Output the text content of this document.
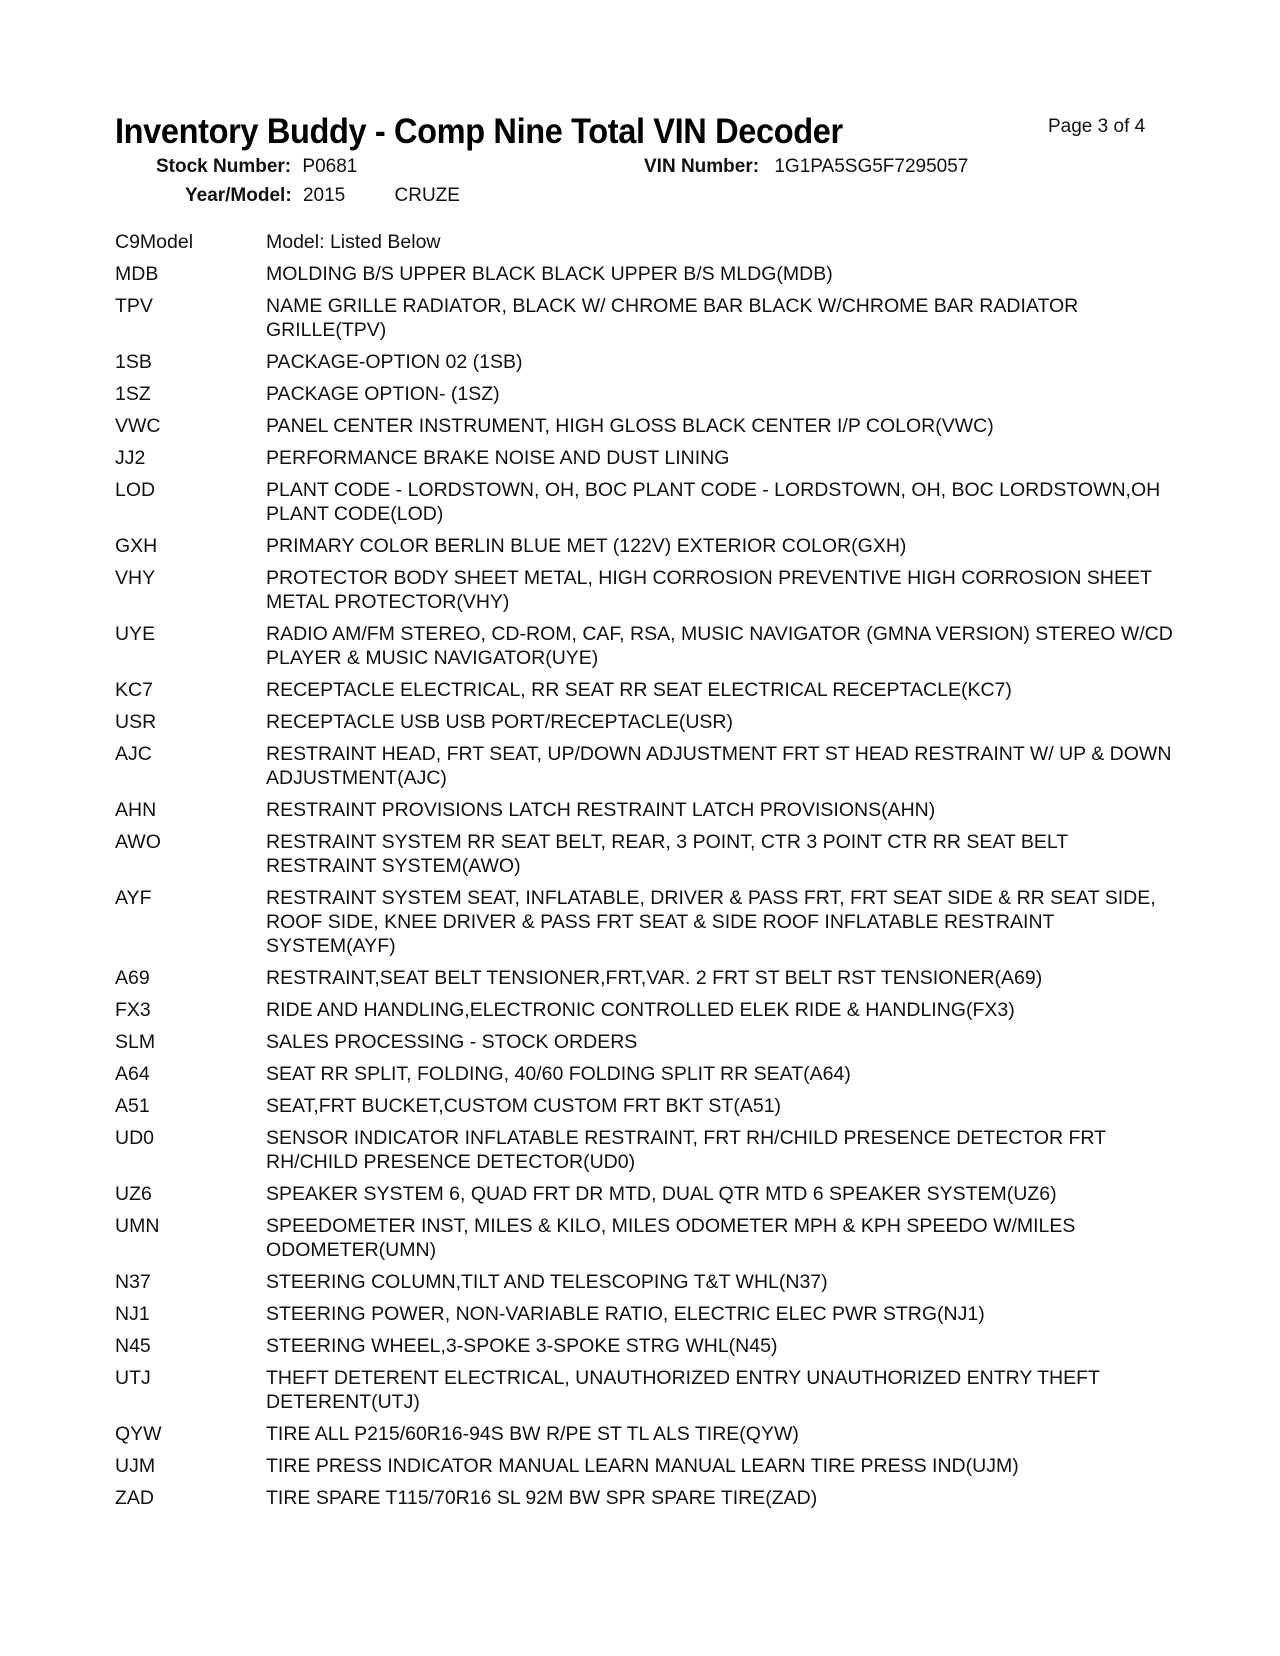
Inventory Buddy - Comp Nine Total VIN Decoder	Page 3 of 4
Stock Number: P0681	VIN Number: 1G1PA5SG5F7295057
Year/Model: 2015	CRUZE
C9Model	Model: Listed Below
MDB	MOLDING B/S UPPER BLACK BLACK UPPER B/S MLDG(MDB)
TPV	NAME GRILLE RADIATOR, BLACK W/ CHROME BAR BLACK W/CHROME BAR RADIATOR GRILLE(TPV)
1SB	PACKAGE-OPTION 02 (1SB)
1SZ	PACKAGE OPTION- (1SZ)
VWC	PANEL CENTER INSTRUMENT, HIGH GLOSS BLACK CENTER I/P COLOR(VWC)
JJ2	PERFORMANCE BRAKE NOISE AND DUST LINING
LOD	PLANT CODE - LORDSTOWN, OH, BOC PLANT CODE - LORDSTOWN, OH, BOC LORDSTOWN,OH PLANT CODE(LOD)
GXH	PRIMARY COLOR BERLIN BLUE MET (122V) EXTERIOR COLOR(GXH)
VHY	PROTECTOR BODY SHEET METAL, HIGH CORROSION PREVENTIVE HIGH CORROSION SHEET METAL PROTECTOR(VHY)
UYE	RADIO AM/FM STEREO, CD-ROM, CAF, RSA, MUSIC NAVIGATOR (GMNA VERSION) STEREO W/CD PLAYER & MUSIC NAVIGATOR(UYE)
KC7	RECEPTACLE ELECTRICAL, RR SEAT RR SEAT ELECTRICAL RECEPTACLE(KC7)
USR	RECEPTACLE USB USB PORT/RECEPTACLE(USR)
AJC	RESTRAINT HEAD, FRT SEAT, UP/DOWN ADJUSTMENT FRT ST HEAD RESTRAINT W/ UP & DOWN ADJUSTMENT(AJC)
AHN	RESTRAINT PROVISIONS LATCH RESTRAINT LATCH PROVISIONS(AHN)
AWO	RESTRAINT SYSTEM RR SEAT BELT, REAR, 3 POINT, CTR 3 POINT CTR RR SEAT BELT RESTRAINT SYSTEM(AWO)
AYF	RESTRAINT SYSTEM SEAT, INFLATABLE, DRIVER & PASS FRT, FRT SEAT SIDE & RR SEAT SIDE, ROOF SIDE, KNEE DRIVER & PASS FRT SEAT & SIDE ROOF INFLATABLE RESTRAINT SYSTEM(AYF)
A69	RESTRAINT,SEAT BELT TENSIONER,FRT,VAR. 2 FRT ST BELT RST TENSIONER(A69)
FX3	RIDE AND HANDLING,ELECTRONIC CONTROLLED ELEK RIDE & HANDLING(FX3)
SLM	SALES PROCESSING - STOCK ORDERS
A64	SEAT RR SPLIT, FOLDING, 40/60 FOLDING SPLIT RR SEAT(A64)
A51	SEAT,FRT BUCKET,CUSTOM CUSTOM FRT BKT ST(A51)
UD0	SENSOR INDICATOR INFLATABLE RESTRAINT, FRT RH/CHILD PRESENCE DETECTOR FRT RH/CHILD PRESENCE DETECTOR(UD0)
UZ6	SPEAKER SYSTEM 6, QUAD FRT DR MTD, DUAL QTR MTD 6 SPEAKER SYSTEM(UZ6)
UMN	SPEEDOMETER INST, MILES & KILO, MILES ODOMETER MPH & KPH SPEEDO W/MILES ODOMETER(UMN)
N37	STEERING COLUMN,TILT AND TELESCOPING T&T WHL(N37)
NJ1	STEERING POWER, NON-VARIABLE RATIO, ELECTRIC ELEC PWR STRG(NJ1)
N45	STEERING WHEEL,3-SPOKE 3-SPOKE STRG WHL(N45)
UTJ	THEFT DETERENT ELECTRICAL, UNAUTHORIZED ENTRY UNAUTHORIZED ENTRY THEFT DETERENT(UTJ)
QYW	TIRE ALL P215/60R16-94S BW R/PE ST TL ALS TIRE(QYW)
UJM	TIRE PRESS INDICATOR MANUAL LEARN MANUAL LEARN TIRE PRESS IND(UJM)
ZAD	TIRE SPARE T115/70R16 SL 92M BW SPR SPARE TIRE(ZAD)
